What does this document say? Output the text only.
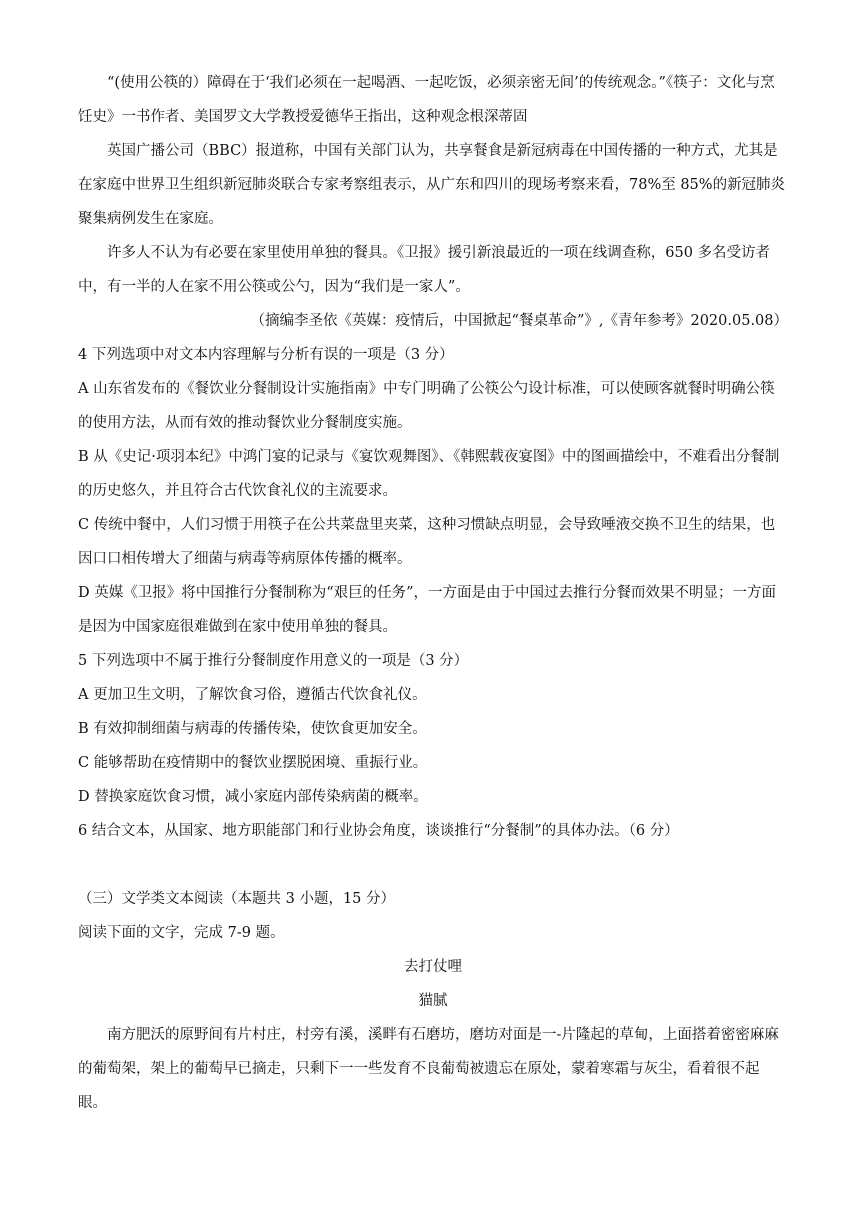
“(使用公筷的）障碍在于‘我们必须在一起喝酒、一起吃饭，必须亲密无间’的传统观念。”《筷子：文化与烹饪史》一书作者、美国罗文大学教授爱德华王指出，这种观念根深蒂固

英国广播公司（BBC）报道称，中国有关部门认为，共享餐食是新冠病毒在中国传播的一种方式，尤其是在家庭中世界卫生组织新冠肺炎联合专家考察组表示，从广东和四川的现场考察来看，78%至 85%的新冠肺炎聚集病例发生在家庭。

许多人不认为有必要在家里使用单独的餐具。《卫报》援引新浪最近的一项在线调查称，650 多名受访者中，有一半的人在家不用公筷或公勺，因为“我们是一家人”。

（摘编李圣依《英媒：疫情后，中国掀起“餐桌革命”》,《青年参考》2020.05.08）

4 下列选项中对文本内容理解与分析有误的一项是（3 分）

A 山东省发布的《餐饮业分餐制设计实施指南》中专门明确了公筷公勺设计标准，可以使顾客就餐时明确公筷的使用方法，从而有效的推动餐饮业分餐制度实施。

B 从《史记·项羽本纪》中鸿门宴的记录与《宴饮观舞图》、《韩熙载夜宴图》中的图画描绘中，不难看出分餐制的历史悠久，并且符合古代饮食礼仪的主流要求。

C 传统中餐中，人们习惯于用筷子在公共菜盘里夹菜，这种习惯缺点明显，会导致唾液交换不卫生的结果，也因口口相传增大了细菌与病毒等病原体传播的概率。

D 英媒《卫报》将中国推行分餐制称为“艰巨的任务”，一方面是由于中国过去推行分餐而效果不明显；一方面是因为中国家庭很难做到在家中使用单独的餐具。

5 下列选项中不属于推行分餐制度作用意义的一项是（3 分）

A 更加卫生文明，了解饮食习俗，遵循古代饮食礼仪。

B 有效抑制细菌与病毒的传播传染，使饮食更加安全。

C 能够帮助在疫情期中的餐饮业摆脱困境、重振行业。

D 替换家庭饮食习惯，减小家庭内部传染病菌的概率。

6 结合文本，从国家、地方职能部门和行业协会角度，谈谈推行“分餐制”的具体办法。（6 分）

（三）文学类文本阅读（本题共 3 小题，15 分）

阅读下面的文字，完成 7-9 题。

去打仗哩

猫腻

南方肥沃的原野间有片村庄，村旁有溪，溪畔有石磨坊，磨坊对面是一-片隆起的草甸，上面搭着密密麻麻的葡萄架，架上的葡萄早已摘走，只剩下一一些发育不良葡萄被遗忘在原处，蒙着寒霜与灰尘，看着很不起眼。
